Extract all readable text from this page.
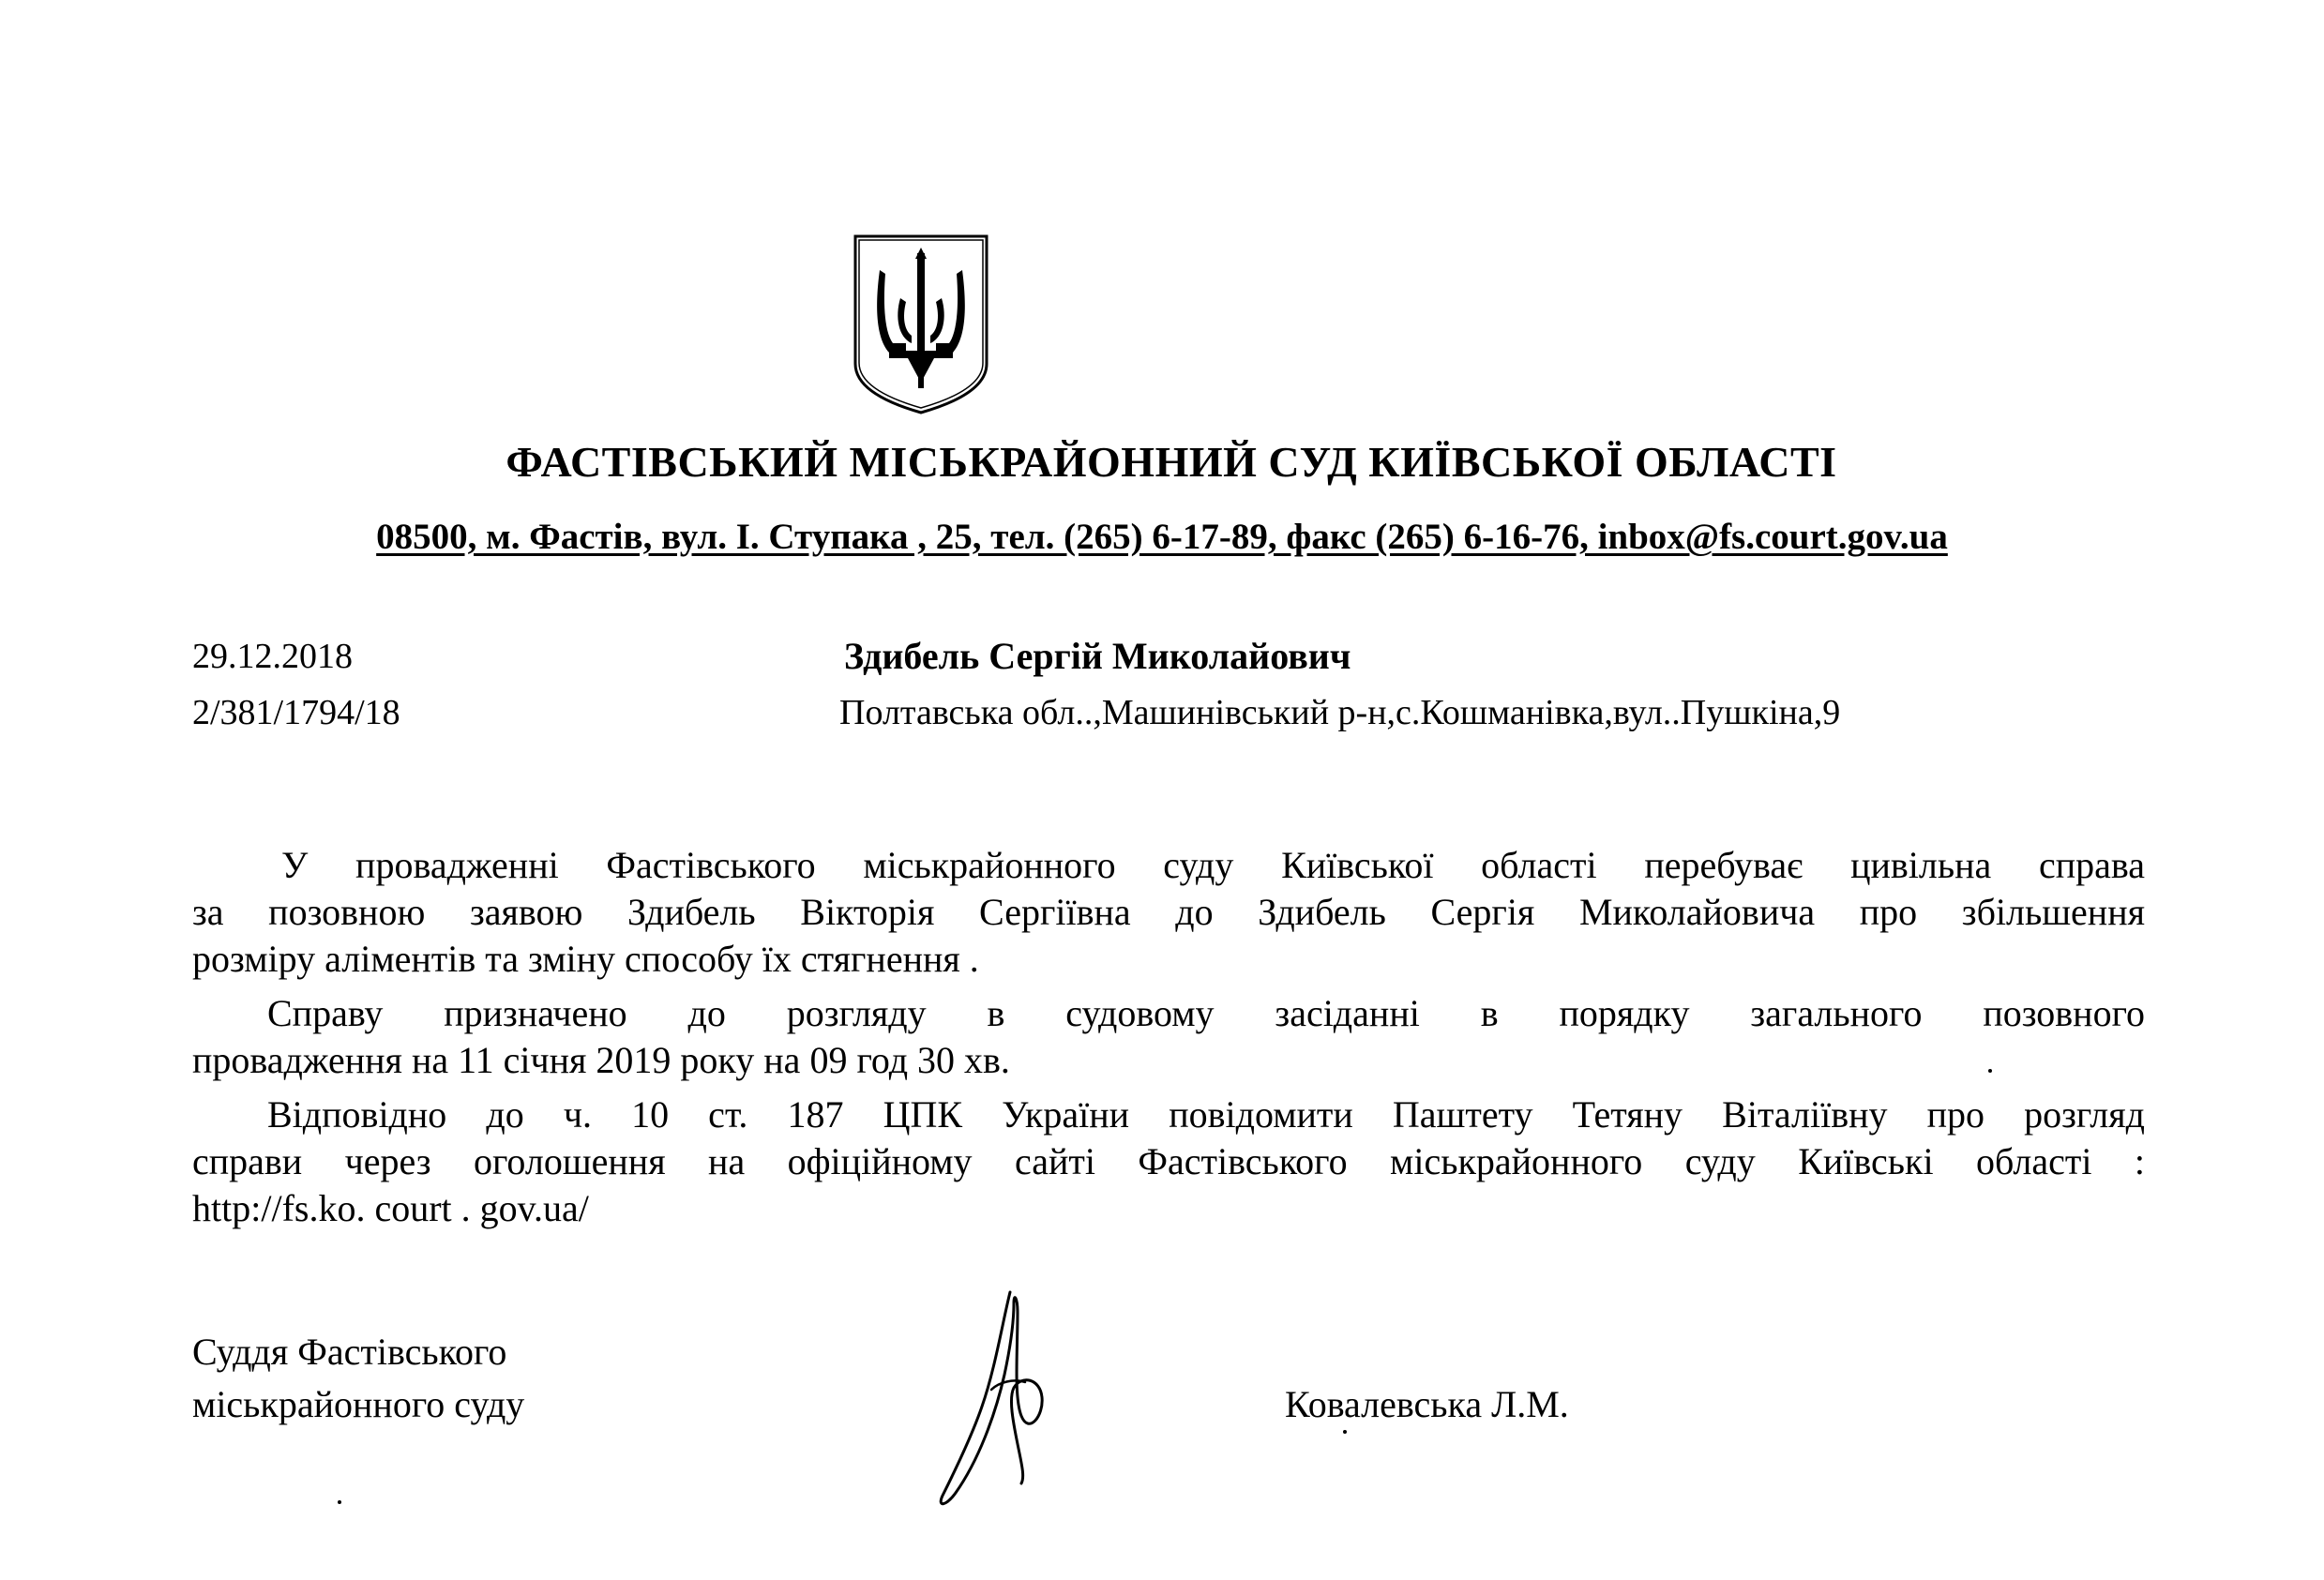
ФАСТІВСЬКИЙ МІСЬКРАЙОННИЙ СУД КИЇВСЬКОЇ ОБЛАСТІ
08500, м. Фастів, вул. І. Ступака , 25, тел. (265) 6-17-89, факс (265) 6-16-76, inbox@fs.court.gov.ua
29.12.2018
2/381/1794/18
Здибель Сергій Миколайович
Полтавська обл..,Машинівський р-н,с.Кошманівка,вул..Пушкіна,9
У провадженні Фастівського міськрайонного суду Київської області перебуває цивільна справа
за позовною заявою Здибель Вікторія Сергіївна до Здибель Сергія Миколайовича про збільшення
розміру аліментів та зміну способу їх стягнення .
Справу призначено до розгляду в судовому засіданні в порядку загального позовного
провадження на 11 січня 2019 року на 09 год 30 хв.
Відповідно до ч. 10 ст. 187 ЦПК України повідомити Паштету Тетяну Віталіївну про розгляд
справи через оголошення на офіційному сайті Фастівського міськрайонного суду Київські області :
http://fs.ko. court . gov.ua/
Суддя Фастівського
міськрайонного суду	Ковалевська Л.М.
